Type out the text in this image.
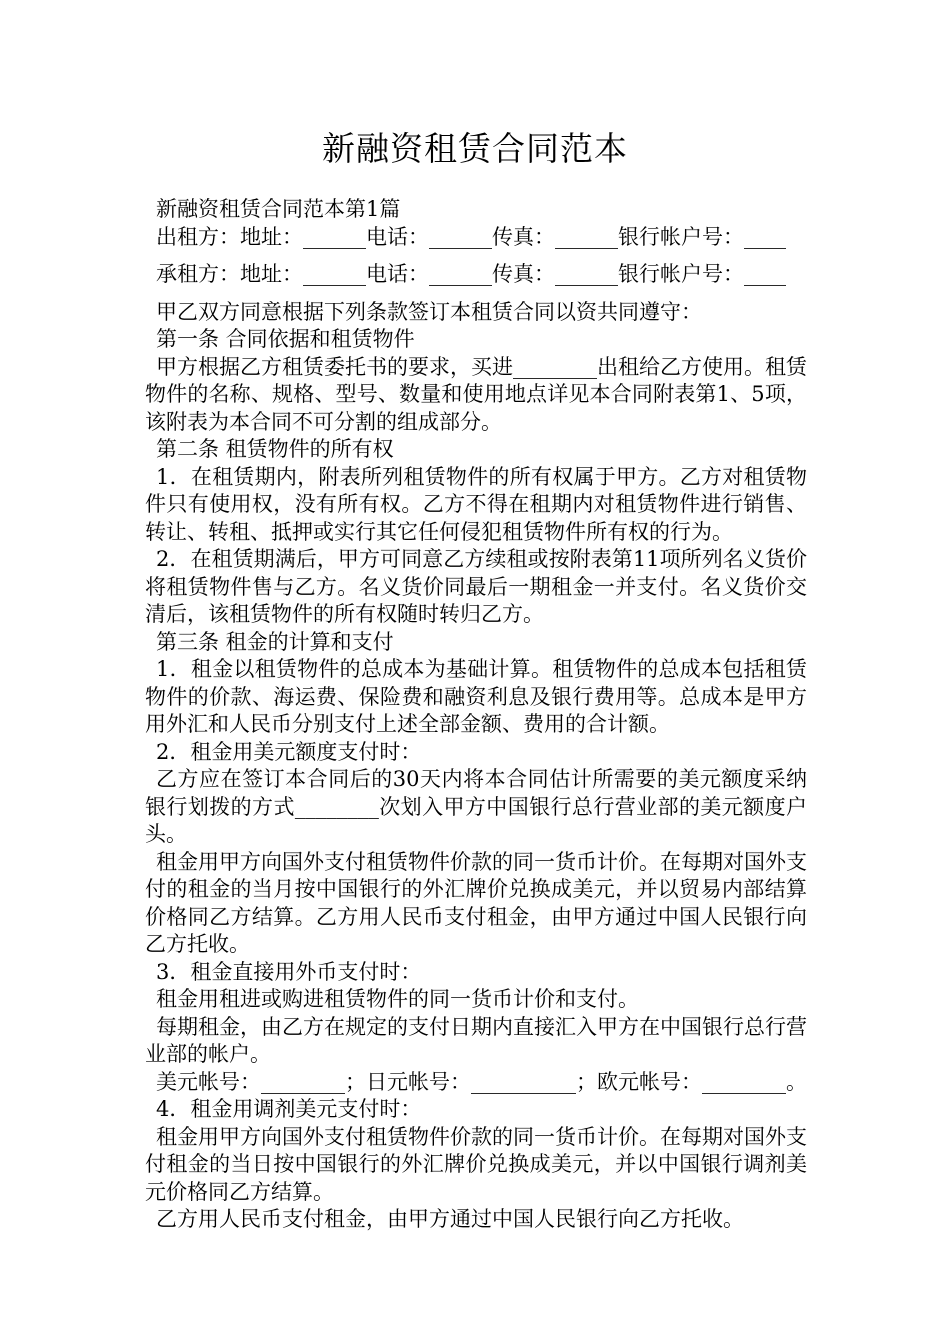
新融资租赁合同范本

新融资租赁合同范本第1篇

出租方：地址：______电话：______传真：______银行帐户号：____

承租方：地址：______电话：______传真：______银行帐户号：____

甲乙双方同意根据下列条款签订本租赁合同以资共同遵守：

第一条 合同依据和租赁物件

甲方根据乙方租赁委托书的要求，买进________出租给乙方使用。租赁物件的名称、规格、型号、数量和使用地点详见本合同附表第1、5项，该附表为本合同不可分割的组成部分。

第二条 租赁物件的所有权

1．在租赁期内，附表所列租赁物件的所有权属于甲方。乙方对租赁物件只有使用权，没有所有权。乙方不得在租期内对租赁物件进行销售、转让、转租、抵押或实行其它任何侵犯租赁物件所有权的行为。

2．在租赁期满后，甲方可同意乙方续租或按附表第11项所列名义货价将租赁物件售与乙方。名义货价同最后一期租金一并支付。名义货价交清后，该租赁物件的所有权随时转归乙方。

第三条 租金的计算和支付

1．租金以租赁物件的总成本为基础计算。租赁物件的总成本包括租赁物件的价款、海运费、保险费和融资利息及银行费用等。总成本是甲方用外汇和人民币分别支付上述全部金额、费用的合计额。

2．租金用美元额度支付时：

乙方应在签订本合同后的30天内将本合同估计所需要的美元额度采纳银行划拨的方式________次划入甲方中国银行总行营业部的美元额度户头。

租金用甲方向国外支付租赁物件价款的同一货币计价。在每期对国外支付的租金的当月按中国银行的外汇牌价兑换成美元，并以贸易内部结算价格同乙方结算。乙方用人民币支付租金，由甲方通过中国人民银行向乙方托收。

3．租金直接用外币支付时：

租金用租进或购进租赁物件的同一货币计价和支付。

每期租金，由乙方在规定的支付日期内直接汇入甲方在中国银行总行营业部的帐户。

美元帐号：________；日元帐号：__________；欧元帐号：________。

4．租金用调剂美元支付时：

租金用甲方向国外支付租赁物件价款的同一货币计价。在每期对国外支付租金的当日按中国银行的外汇牌价兑换成美元，并以中国银行调剂美元价格同乙方结算。

乙方用人民币支付租金，由甲方通过中国人民银行向乙方托收。
